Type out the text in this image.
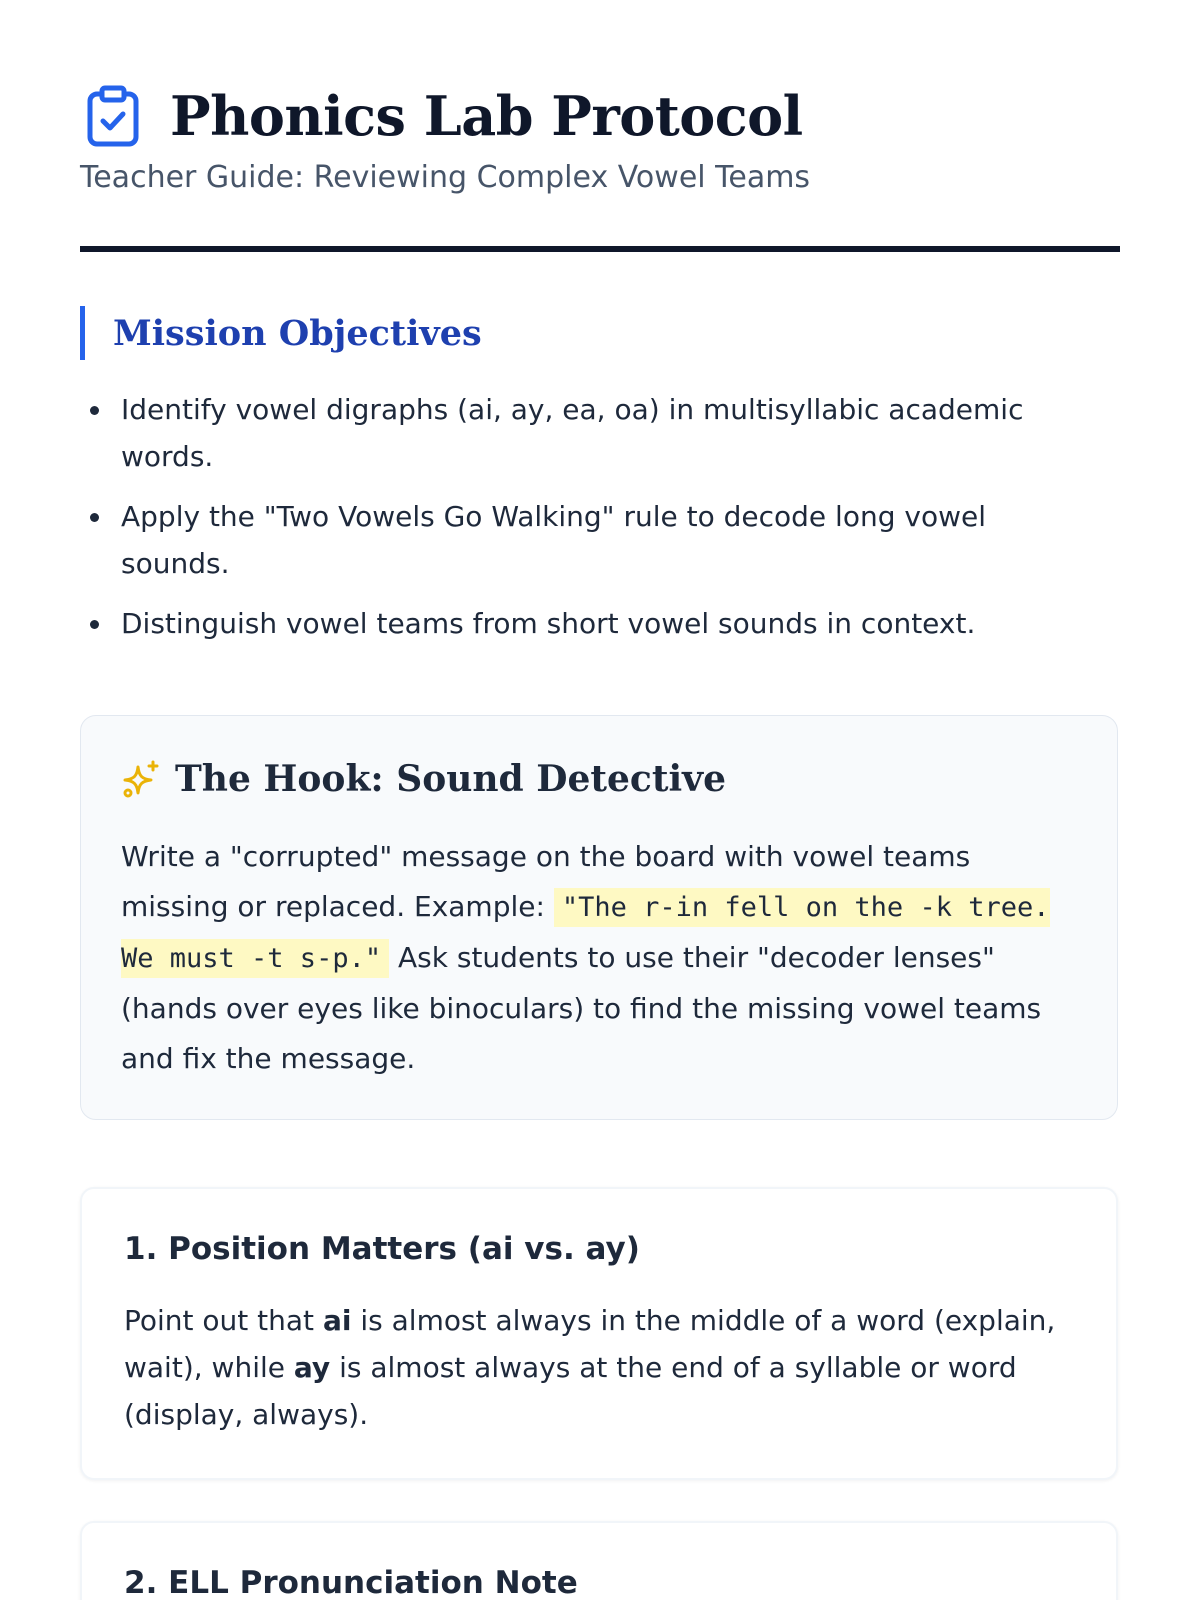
Phonics Lab Protocol
Teacher Guide: Reviewing Complex Vowel Teams
Mission Objectives
Identify vowel digraphs (ai, ay, ea, oa) in multisyllabic academic words.
Apply the "Two Vowels Go Walking" rule to decode long vowel sounds.
Distinguish vowel teams from short vowel sounds in context.
The Hook: Sound Detective
Write a "corrupted" message on the board with vowel teams missing or replaced. Example: "The r-in fell on the -k tree. We must -t s-p." Ask students to use their "decoder lenses" (hands over eyes like binoculars) to find the missing vowel teams and fix the message.
1. Position Matters (ai vs. ay)
Point out that ai is almost always in the middle of a word (explain, wait), while ay is almost always at the end of a syllable or word (display, always).
2. ELL Pronunciation Note
